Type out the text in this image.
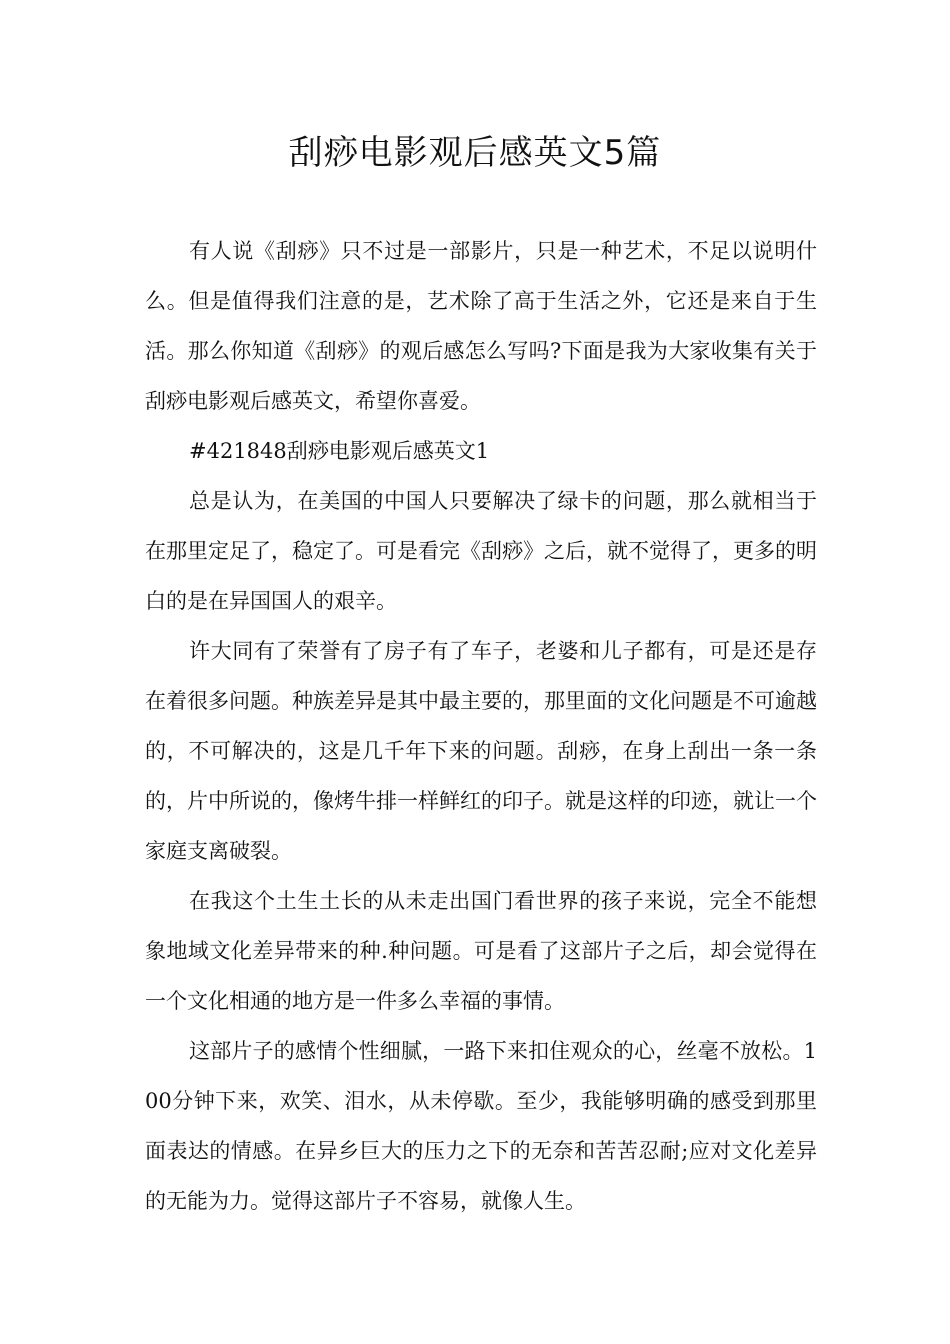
刮痧电影观后感英文5篇

有人说《刮痧》只不过是一部影片，只是一种艺术，不足以说明什么。但是值得我们注意的是，艺术除了高于生活之外，它还是来自于生活。那么你知道《刮痧》的观后感怎么写吗?下面是我为大家收集有关于刮痧电影观后感英文，希望你喜爱。

#421848刮痧电影观后感英文1

总是认为，在美国的中国人只要解决了绿卡的问题，那么就相当于在那里定足了，稳定了。可是看完《刮痧》之后，就不觉得了，更多的明白的是在异国国人的艰辛。

许大同有了荣誉有了房子有了车子，老婆和儿子都有，可是还是存在着很多问题。种族差异是其中最主要的，那里面的文化问题是不可逾越的，不可解决的，这是几千年下来的问题。刮痧，在身上刮出一条一条的，片中所说的，像烤牛排一样鲜红的印子。就是这样的印迹，就让一个家庭支离破裂。

在我这个土生土长的从未走出国门看世界的孩子来说，完全不能想象地域文化差异带来的种.种问题。可是看了这部片子之后，却会觉得在一个文化相通的地方是一件多么幸福的事情。

这部片子的感情个性细腻，一路下来扣住观众的心，丝毫不放松。100分钟下来，欢笑、泪水，从未停歇。至少，我能够明确的感受到那里面表达的情感。在异乡巨大的压力之下的无奈和苦苦忍耐;应对文化差异的无能为力。觉得这部片子不容易，就像人生。
